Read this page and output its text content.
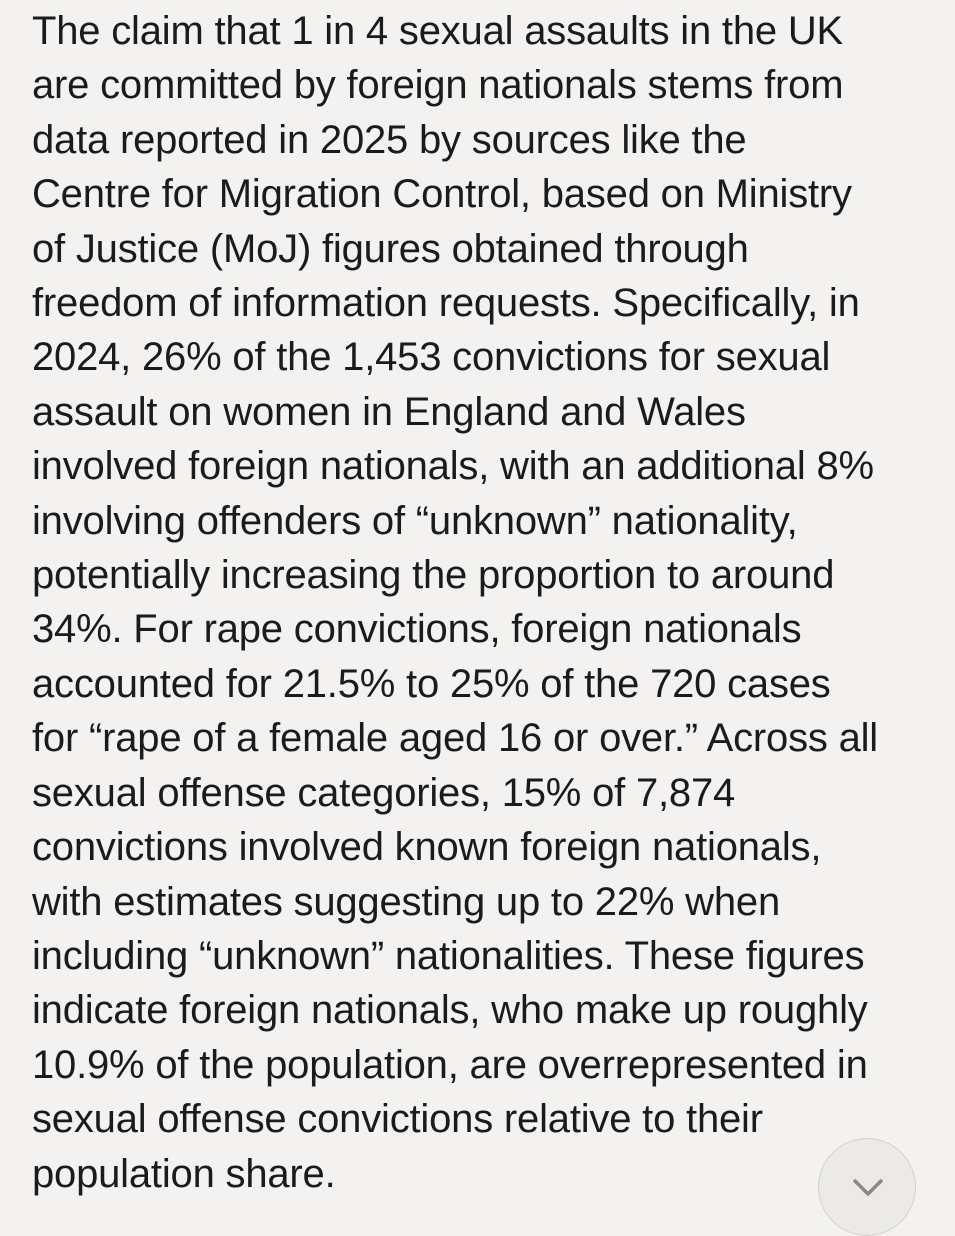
The claim that 1 in 4 sexual assaults in the UK
are committed by foreign nationals stems from
data reported in 2025 by sources like the
Centre for Migration Control, based on Ministry
of Justice (MoJ) figures obtained through
freedom of information requests. Specifically, in
2024, 26% of the 1,453 convictions for sexual
assault on women in England and Wales
involved foreign nationals, with an additional 8%
involving offenders of “unknown” nationality,
potentially increasing the proportion to around
34%. For rape convictions, foreign nationals
accounted for 21.5% to 25% of the 720 cases
for “rape of a female aged 16 or over.” Across all
sexual offense categories, 15% of 7,874
convictions involved known foreign nationals,
with estimates suggesting up to 22% when
including “unknown” nationalities. These figures
indicate foreign nationals, who make up roughly
10.9% of the population, are overrepresented in
sexual offense convictions relative to their
population share.
